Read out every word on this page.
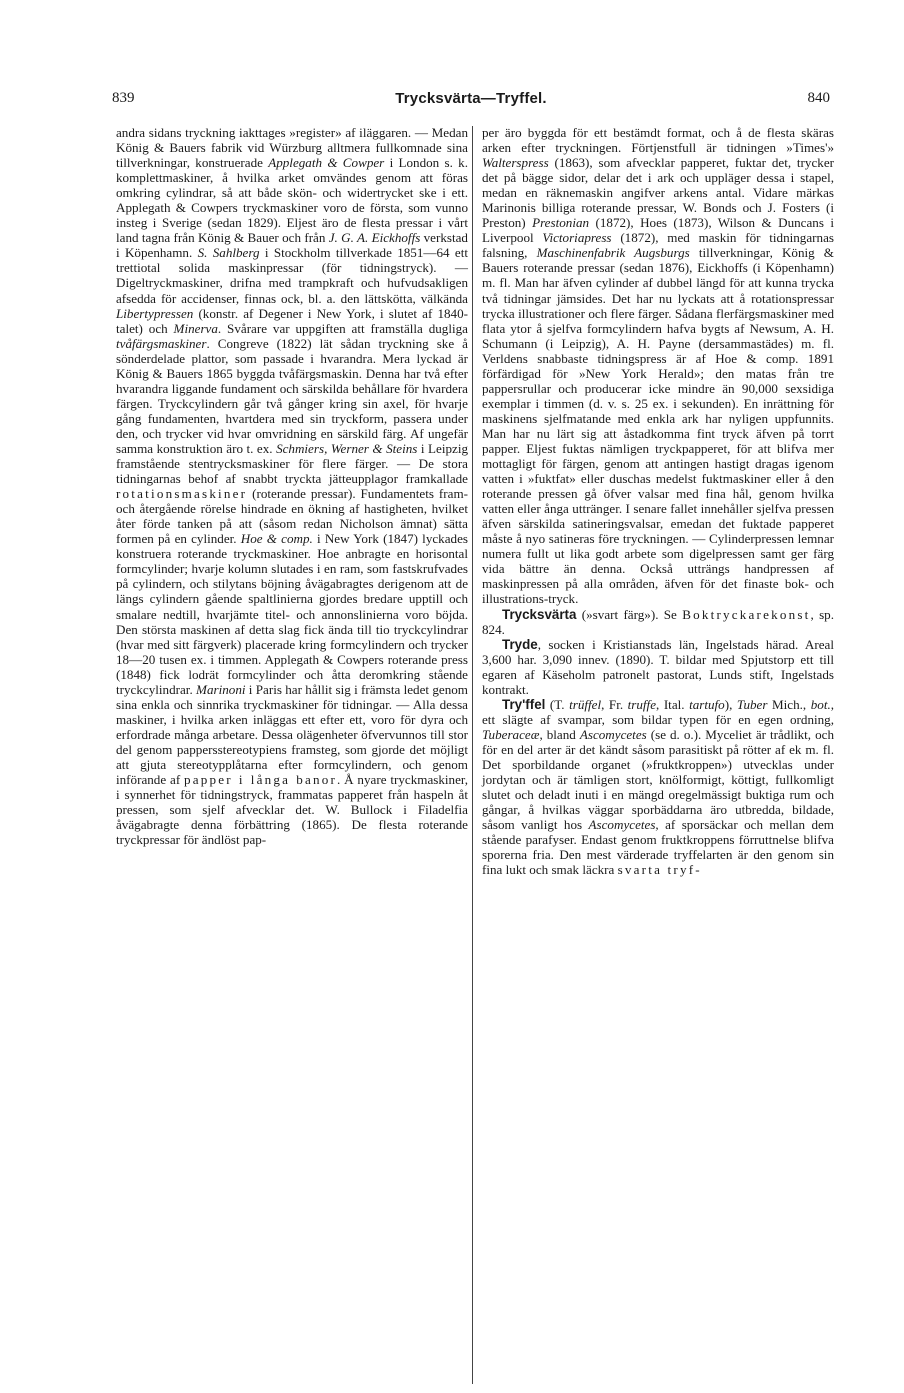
839	Trycksvärta—Tryffel.	840

andra sidans tryckning iakttages »register» af iläggaren. — Medan König & Bauers fabrik vid Würzburg alltmera fullkomnade sina tillverkningar, konstruerade Applegath & Cowper i London s. k. komplettmaskiner, å hvilka arket omvändes genom att föras omkring cylindrar, så att både skön- och widertrycket ske i ett. Applegath & Cowpers tryckmaskiner voro de första, som vunno insteg i Sverige (sedan 1829). Eljest äro de flesta pressar i vårt land tagna från König & Bauer och från J. G. A. Eickhoffs verkstad i Köpenhamn. S. Sahlberg i Stockholm tillverkade 1851—64 ett trettiotal solida maskinpressar (för tidningstryck). — Digeltryckmaskiner, drifna med trampkraft och hufvudsakligen afsedda för accidenser, finnas ock, bl. a. den lättskötta, välkända Libertypressen (konstr. af Degener i New York, i slutet af 1840-talet) och Minerva. Svårare var uppgiften att framställa dugliga tvåfärgsmaskiner. Congreve (1822) lät sådan tryckning ske å sönderdelade plattor, som passade i hvarandra. Mera lyckad är König & Bauers 1865 byggda tvåfärgsmaskin. Denna har två efter hvarandra liggande fundament och särskilda behållare för hvardera färgen. Tryckcylindern går två gånger kring sin axel, för hvarje gång fundamenten, hvartdera med sin tryckform, passera under den, och trycker vid hvar omvridning en särskild färg. Af ungefär samma konstruktion äro t. ex. Schmiers, Werner & Steins i Leipzig framstående stentrycksmaskiner för flere färger. — De stora tidningarnas behof af snabbt tryckta jätteupplagor framkallade rotationsmaskiner (roterande pressar). Fundamentets fram- och återgående rörelse hindrade en ökning af hastigheten, hvilket åter förde tanken på att (såsom redan Nicholson ämnat) sätta formen på en cylinder. Hoe & comp. i New York (1847) lyckades konstruera roterande tryckmaskiner. Hoe anbragte en horisontal formcylinder; hvarje kolumn slutades i en ram, som fastskrufvades på cylindern, och stilytans böjning åvägabragtes derigenom att de längs cylindern gående spaltlinierna gjordes bredare upptill och smalare nedtill, hvarjämte titel- och annonslinierna voro böjda. Den största maskinen af detta slag fick ända till tio tryckcylindrar (hvar med sitt färgverk) placerade kring formcylindern och trycker 18—20 tusen ex. i timmen. Applegath & Cowpers roterande press (1848) fick lodrät formcylinder och åtta deromkring stående tryckcylindrar. Marinoni i Paris har hållit sig i främsta ledet genom sina enkla och sinnrika tryckmaskiner för tidningar. — Alla dessa maskiner, i hvilka arken inläggas ett efter ett, voro för dyra och erfordrade många arbetare. Dessa olägenheter öfvervunnos till stor del genom pappersstereotypiens framsteg, som gjorde det möjligt att gjuta stereotypplåtarna efter formcylindern, och genom införande af papper i långa banor. Å nyare tryckmaskiner, i synnerhet för tidningstryck, frammatas papperet från haspeln åt pressen, som sjelf afvecklar det. W. Bullock i Filadelfia åvägabragte denna förbättring (1865). De flesta roterande tryckpressar för ändlöst pap-

per äro byggda för ett bestämdt format, och å de flesta skäras arken efter tryckningen. Förtjenstfull är tidningen »Times'» Walterspress (1863), som afvecklar papperet, fuktar det, trycker det på bägge sidor, delar det i ark och uppläger dessa i stapel, medan en räknemaskin angifver arkens antal. Vidare märkas Marinonis billiga roterande pressar, W. Bonds och J. Fosters (i Preston) Prestonian (1872), Hoes (1873), Wilson & Duncans i Liverpool Victoriapress (1872), med maskin för tidningarnas falsning, Maschinenfabrik Augsburgs tillverkningar, König & Bauers roterande pressar (sedan 1876), Eickhoffs (i Köpenhamn) m. fl. Man har äfven cylinder af dubbel längd för att kunna trycka två tidningar jämsides. Det har nu lyckats att å rotationspressar trycka illustrationer och flere färger. Sådana flerfärgsmaskiner med flata ytor å sjelfva formcylindern hafva bygts af Newsum, A. H. Schumann (i Leipzig), A. H. Payne (dersammastädes) m. fl. Verldens snabbaste tidningspress är af Hoe & comp. 1891 förfärdigad för »New York Herald»; den matas från tre pappersrullar och producerar icke mindre än 90,000 sexsidiga exemplar i timmen (d. v. s. 25 ex. i sekunden). En inrättning för maskinens sjelfmatande med enkla ark har nyligen uppfunnits. Man har nu lärt sig att åstadkomma fint tryck äfven på torrt papper. Eljest fuktas nämligen tryckpapperet, för att blifva mer mottagligt för färgen, genom att antingen hastigt dragas igenom vatten i »fuktfat» eller duschas medelst fuktmaskiner eller å den roterande pressen gå öfver valsar med fina hål, genom hvilka vatten eller ånga uttränger. I senare fallet innehåller sjelfva pressen äfven särskilda satineringsvalsar, emedan det fuktade papperet måste å nyo satineras före tryckningen. — Cylinderpressen lemnar numera fullt ut lika godt arbete som digelpressen samt ger färg vida bättre än denna. Också utträngs handpressen af maskinpressen på alla områden, äfven för det finaste bok- och illustrations-tryck.

Trycksvärta (»svart färg»). Se Boktryckarekonst, sp. 824.

Tryde, socken i Kristianstads län, Ingelstads härad. Areal 3,600 har. 3,090 innev. (1890). T. bildar med Spjutstorp ett till egaren af Käseholm patronelt pastorat, Lunds stift, Ingelstads kontrakt.

Try'ffel (T. trüffel, Fr. truffe, Ital. tartufo), Tuber Mich., bot., ett slägte af svampar, som bildar typen för en egen ordning, Tuberaceæ, bland Ascomycetes (se d. o.). Myceliet är trådlikt, och för en del arter är det kändt såsom parasitiskt på rötter af ek m. fl. Det sporbildande organet (»fruktkroppen») utvecklas under jordytan och är tämligen stort, knölformigt, köttigt, fullkomligt slutet och deladt inuti i en mängd oregelmässigt buktiga rum och gångar, å hvilkas väggar sporbäddarna äro utbredda, bildade, såsom vanligt hos Ascomycetes, af sporsäckar och mellan dem stående parafyser. Endast genom fruktkroppens förruttnelse blifva sporerna fria. Den mest värderade tryffelarten är den genom sin fina lukt och smak läckra svarta tryf-
